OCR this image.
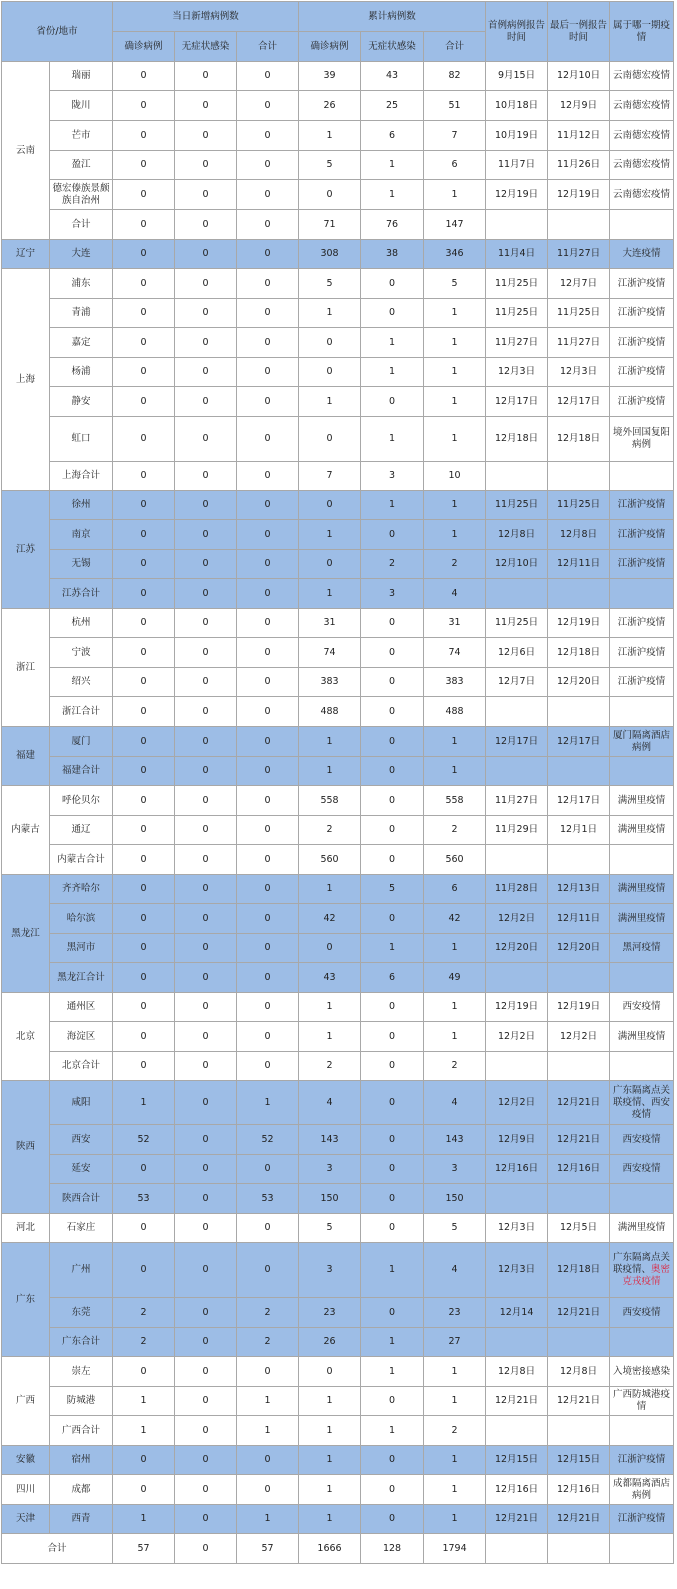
省份/地市		当日新增病例数			累计病例数			首例病例报告时间	最后一例报告时间	属于哪一期疫情
		确诊病例	无症状感染	合计	确诊病例	无症状感染	合计			
云南	瑞丽	0	0	0	39	43	82	9月15日	12月10日	云南德宏疫情
	陇川	0	0	0	26	25	51	10月18日	12月9日	云南德宏疫情
	芒市	0	0	0	1	6	7	10月19日	11月12日	云南德宏疫情
	盈江	0	0	0	5	1	6	11月7日	11月26日	云南德宏疫情
	德宏傣族景颇族自治州	0	0	0	0	1	1	12月19日	12月19日	云南德宏疫情
	合计	0	0	0	71	76	147			
辽宁	大连	0	0	0	308	38	346	11月4日	11月27日	大连疫情
上海	浦东	0	0	0	5	0	5	11月25日	12月7日	江浙沪疫情
	青浦	0	0	0	1	0	1	11月25日	11月25日	江浙沪疫情
	嘉定	0	0	0	0	1	1	11月27日	11月27日	江浙沪疫情
	杨浦	0	0	0	0	1	1	12月3日	12月3日	江浙沪疫情
	静安	0	0	0	1	0	1	12月17日	12月17日	江浙沪疫情
	虹口	0	0	0	0	1	1	12月18日	12月18日	境外回国复阳病例
	上海合计	0	0	0	7	3	10			
江苏	徐州	0	0	0	0	1	1	11月25日	11月25日	江浙沪疫情
	南京	0	0	0	1	0	1	12月8日	12月8日	江浙沪疫情
	无锡	0	0	0	0	2	2	12月10日	12月11日	江浙沪疫情
	江苏合计	0	0	0	1	3	4			
浙江	杭州	0	0	0	31	0	31	11月25日	12月19日	江浙沪疫情
	宁波	0	0	0	74	0	74	12月6日	12月18日	江浙沪疫情
	绍兴	0	0	0	383	0	383	12月7日	12月20日	江浙沪疫情
	浙江合计	0	0	0	488	0	488			
福建	厦门	0	0	0	1	0	1	12月17日	12月17日	厦门隔离酒店病例
	福建合计	0	0	0	1	0	1			
内蒙古	呼伦贝尔	0	0	0	558	0	558	11月27日	12月17日	满洲里疫情
	通辽	0	0	0	2	0	2	11月29日	12月1日	满洲里疫情
	内蒙古合计	0	0	0	560	0	560			
黑龙江	齐齐哈尔	0	0	0	1	5	6	11月28日	12月13日	满洲里疫情
	哈尔滨	0	0	0	42	0	42	12月2日	12月11日	满洲里疫情
	黑河市	0	0	0	0	1	1	12月20日	12月20日	黑河疫情
	黑龙江合计	0	0	0	43	6	49			
北京	通州区	0	0	0	1	0	1	12月19日	12月19日	西安疫情
	海淀区	0	0	0	1	0	1	12月2日	12月2日	满洲里疫情
	北京合计	0	0	0	2	0	2			
陕西	咸阳	1	0	1	4	0	4	12月2日	12月21日	广东隔离点关联疫情、西安疫情
	西安	52	0	52	143	0	143	12月9日	12月21日	西安疫情
	延安	0	0	0	3	0	3	12月16日	12月16日	西安疫情
	陕西合计	53	0	53	150	0	150			
河北	石家庄	0	0	0	5	0	5	12月3日	12月5日	满洲里疫情
广东	广州	0	0	0	3	1	4	12月3日	12月18日	广东隔离点关联疫情、奥密克戎疫情
	东莞	2	0	2	23	0	23	12月14	12月21日	西安疫情
	广东合计	2	0	2	26	1	27			
广西	崇左	0	0	0	0	1	1	12月8日	12月8日	入境密接感染
	防城港	1	0	1	1	0	1	12月21日	12月21日	广西防城港疫情
	广西合计	1	0	1	1	1	2			
安徽	宿州	0	0	0	1	0	1	12月15日	12月15日	江浙沪疫情
四川	成都	0	0	0	1	0	1	12月16日	12月16日	成都隔离酒店病例
天津	西青	1	0	1	1	0	1	12月21日	12月21日	江浙沪疫情
合计		57	0	57	1666	128	1794			
